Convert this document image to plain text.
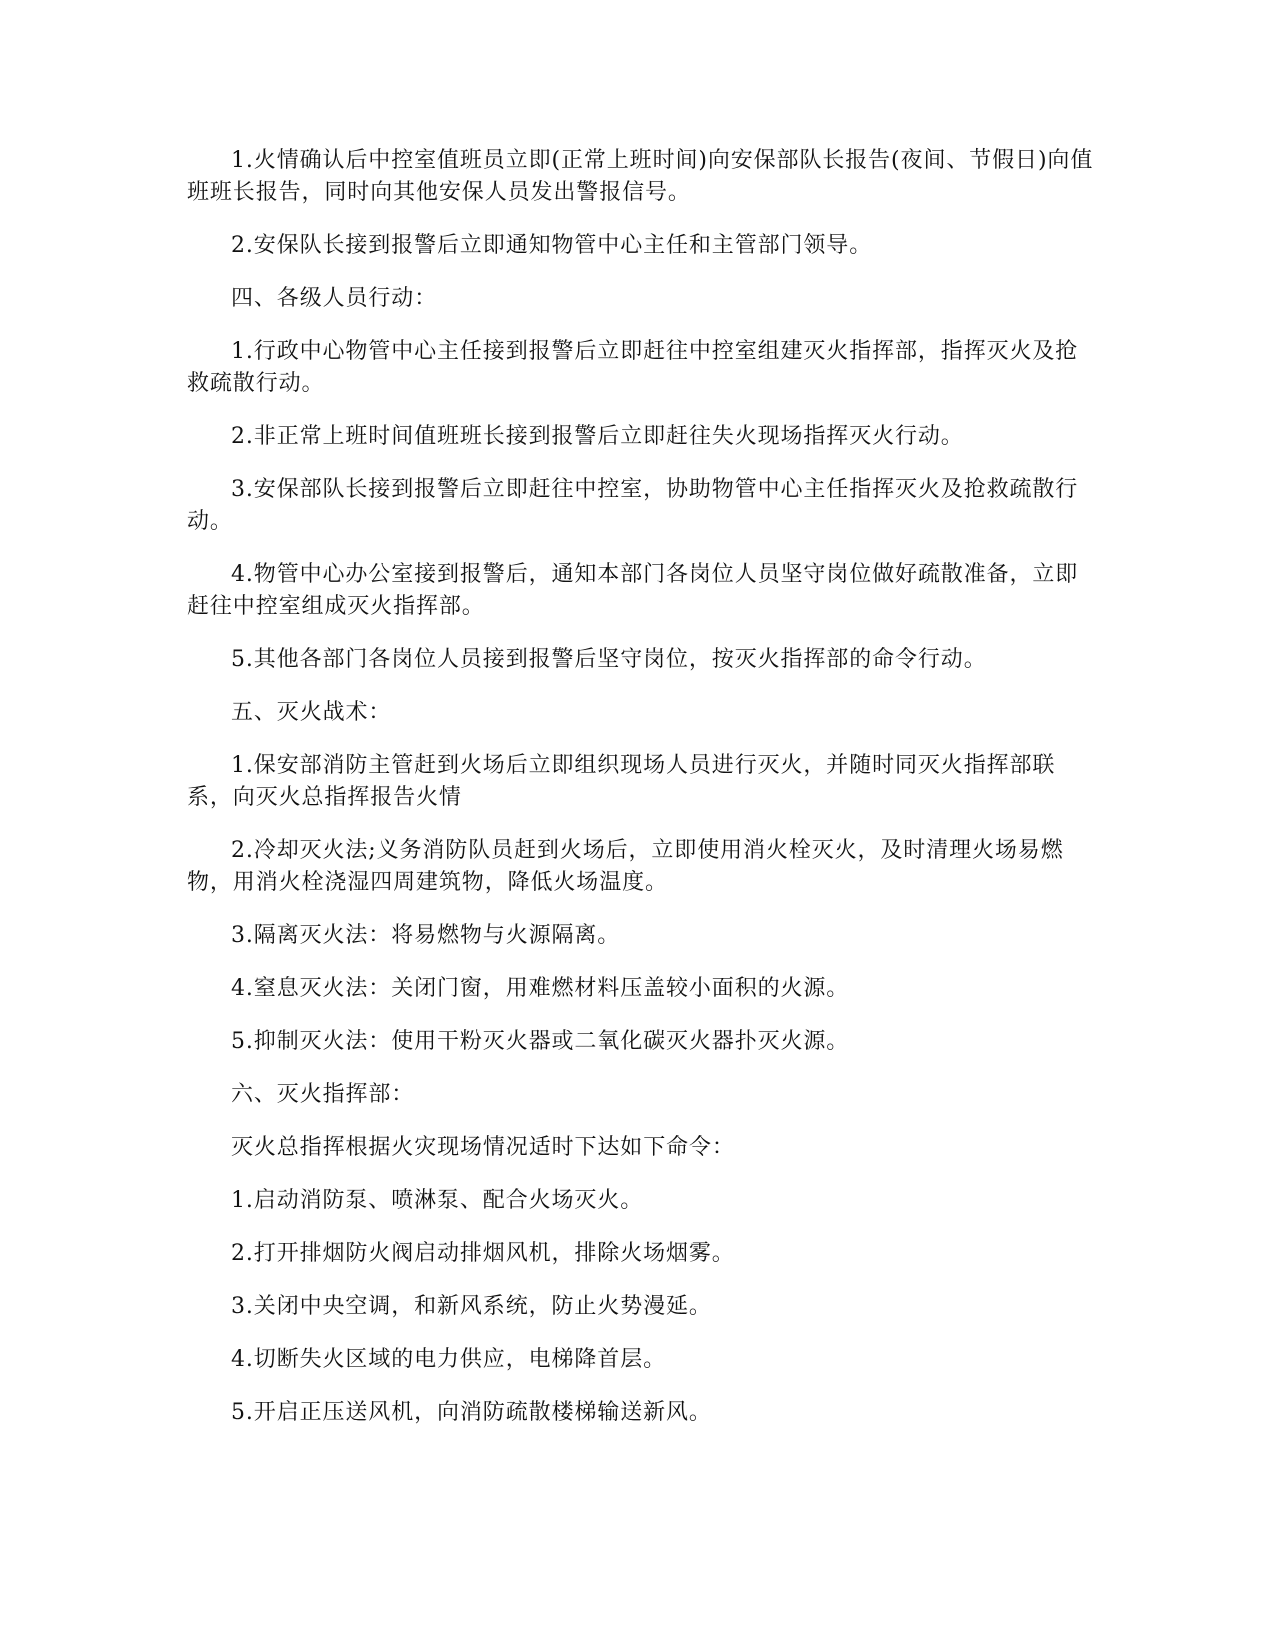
1.火情确认后中控室值班员立即(正常上班时间)向安保部队长报告(夜间、节假日)向值班班长报告，同时向其他安保人员发出警报信号。

2.安保队长接到报警后立即通知物管中心主任和主管部门领导。

四、各级人员行动：

1.行政中心物管中心主任接到报警后立即赶往中控室组建灭火指挥部，指挥灭火及抢救疏散行动。

2.非正常上班时间值班班长接到报警后立即赶往失火现场指挥灭火行动。

3.安保部队长接到报警后立即赶往中控室，协助物管中心主任指挥灭火及抢救疏散行动。

4.物管中心办公室接到报警后，通知本部门各岗位人员坚守岗位做好疏散准备，立即赶往中控室组成灭火指挥部。

5.其他各部门各岗位人员接到报警后坚守岗位，按灭火指挥部的命令行动。

五、灭火战术：

1.保安部消防主管赶到火场后立即组织现场人员进行灭火，并随时同灭火指挥部联系，向灭火总指挥报告火情

2.冷却灭火法;义务消防队员赶到火场后，立即使用消火栓灭火，及时清理火场易燃物，用消火栓浇湿四周建筑物，降低火场温度。

3.隔离灭火法：将易燃物与火源隔离。

4.窒息灭火法：关闭门窗，用难燃材料压盖较小面积的火源。

5.抑制灭火法：使用干粉灭火器或二氧化碳灭火器扑灭火源。

六、灭火指挥部：

灭火总指挥根据火灾现场情况适时下达如下命令：

1.启动消防泵、喷淋泵、配合火场灭火。

2.打开排烟防火阀启动排烟风机，排除火场烟雾。

3.关闭中央空调，和新风系统，防止火势漫延。

4.切断失火区域的电力供应，电梯降首层。

5.开启正压送风机，向消防疏散楼梯输送新风。
